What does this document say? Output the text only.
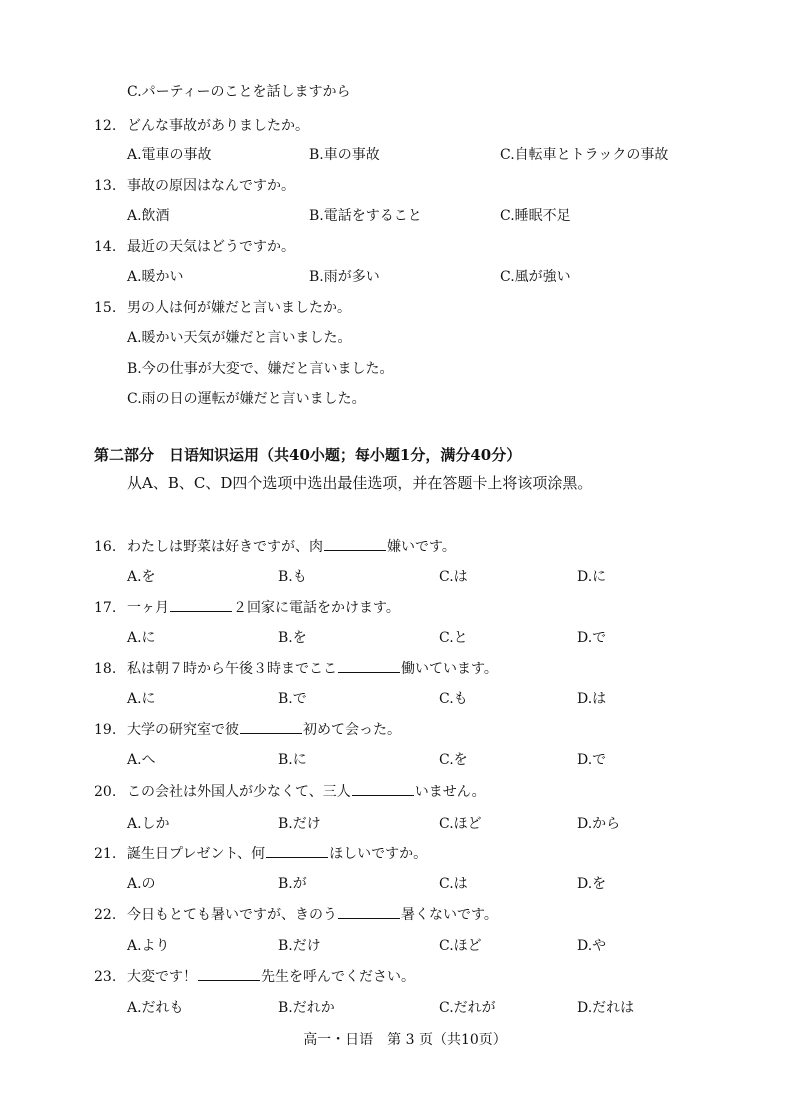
C.パーティーのことを話しますから
12. どんな事故がありましたか。
A.電車の事故	B.車の事故	C.自転車とトラックの事故
13. 事故の原因はなんですか。
A.飲酒	B.電話をすること	C.睡眠不足
14. 最近の天気はどうですか。
A.暖かい	B.雨が多い	C.風が強い
15. 男の人は何が嫌だと言いましたか。
A.暖かい天気が嫌だと言いました。
B.今の仕事が大変で、嫌だと言いました。
C.雨の日の運転が嫌だと言いました。
第二部分　日语知识运用（共40小题；每小题1分，满分40分）
从A、B、C、D四个选项中选出最佳选项，并在答题卡上将该项涂黑。
16. わたしは野菜は好きですが、肉	嫌いです。
A.を	B.も	C.は	D.に
17. 一ヶ月	２回家に電話をかけます。
A.に	B.を	C.と	D.で
18. 私は朝７時から午後３時までここ	働いています。
A.に	B.で	C.も	D.は
19. 大学の研究室で彼	初めて会った。
A.へ	B.に	C.を	D.で
20. この会社は外国人が少なくて、三人	いません。
A.しか	B.だけ	C.ほど	D.から
21. 誕生日プレゼント、何	ほしいですか。
A.の	B.が	C.は	D.を
22. 今日もとても暑いですが、きのう	暑くないです。
A.より	B.だけ	C.ほど	D.や
23. 大変です！	先生を呼んでください。
A.だれも	B.だれか	C.だれが	D.だれは
高一・日语　第 3 页（共10页）
